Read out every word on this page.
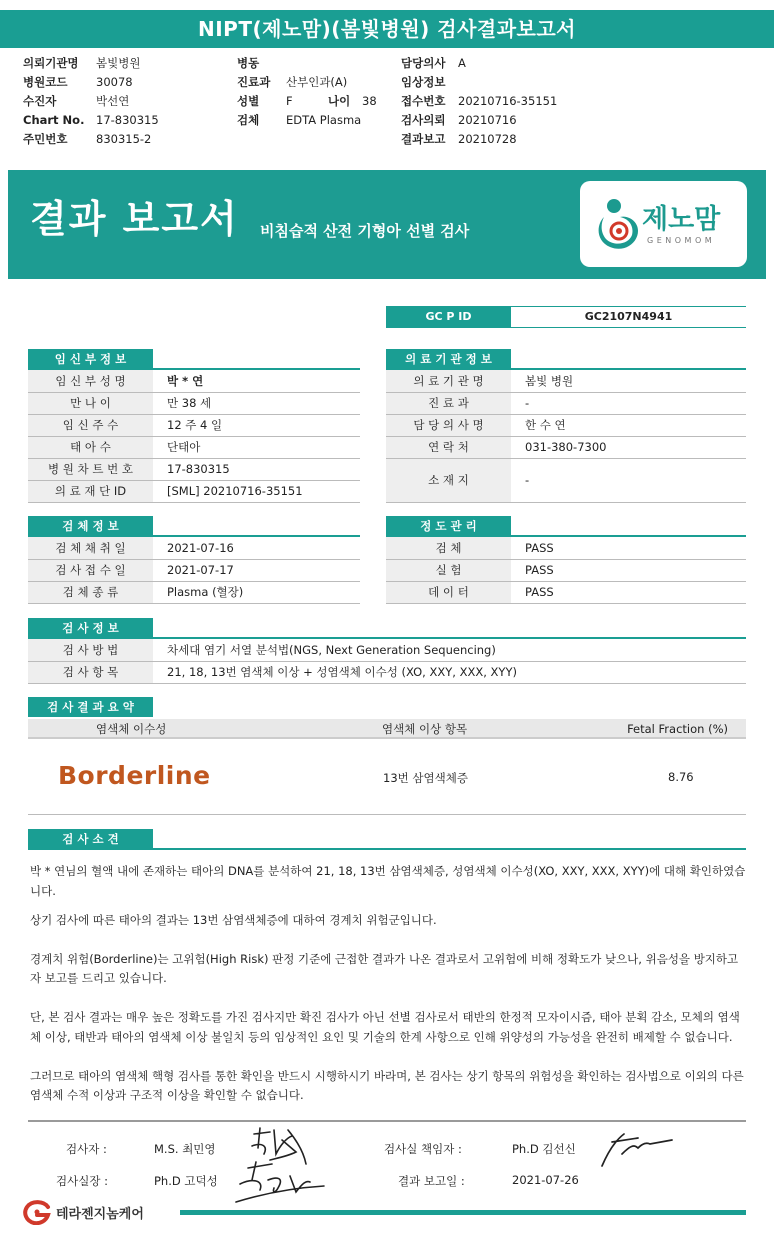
NIPT(제노맘)(봄빛병원) 검사결과보고서
의뢰기관명	봄빛병원
병원코드	30078
수진자	박선연
Chart No.	17-830315
주민번호	830315-2
병동
진료과	산부인과(A)
성별	F	나이	38
검체	EDTA Plasma
담당의사	A
임상정보
접수번호	20210716-35151
검사의뢰	20210716
결과보고	20210728
결과 보고서 비침습적 산전 기형아 선별 검사	제노맘
GENOMOM
GC P ID	GC2107N4941
임 신 부 정 보
임 신 부 성 명	박 * 연
만 나 이	만 38 세
임 신 주 수	12 주 4 일
태 아 수	단태아
병 원 차 트 번 호	17-830315
의 료 재 단 ID	[SML] 20210716-35151
의 료 기 관 정 보
의 료 기 관 명	봄빛 병원
진 료 과	-
담 당 의 사 명	한 수 연
연 락 처	031-380-7300
소 재 지	-
검 체 정 보
검 체 채 취 일	2021-07-16
검 사 접 수 일	2021-07-17
검 체 종 류	Plasma (혈장)
정 도 관 리
검 체	PASS
실 험	PASS
데 이 터	PASS
검 사 정 보
검 사 방 법	차세대 염기 서열 분석법(NGS, Next Generation Sequencing)
검 사 항 목	21, 18, 13번 염색체 이상 + 성염색체 이수성 (XO, XXY, XXX, XYY)
검 사 결 과 요 약
염색체 이수성	염색체 이상 항목	Fetal Fraction (%)
Borderline	13번 삼염색체증	8.76
검 사 소 견

박 * 연님의 혈액 내에 존재하는 태아의 DNA를 분석하여 21, 18, 13번 삼염색체증, 성염색체 이수성(XO, XXY, XXX, XYY)에 대해 확인하였습니다.

상기 검사에 따른 태아의 결과는 13번 삼염색체증에 대하여 경계치 위험군입니다.

경계치 위험(Borderline)는 고위험(High Risk) 판정 기준에 근접한 결과가 나온 결과로서 고위험에 비해 정확도가 낮으나, 위음성을 방지하고자 보고를 드리고 있습니다.

단, 본 검사 결과는 매우 높은 정확도를 가진 검사지만 확진 검사가 아닌 선별 검사로서 태반의 한정적 모자이시즘, 태아 분획 감소, 모체의 염색체 이상, 태반과 태아의 염색체 이상 불일치 등의 임상적인 요인 및 기술의 한계 사항으로 인해 위양성의 가능성을 완전히 배제할 수 없습니다.

그러므로 태아의 염색체 핵형 검사를 통한 확인을 반드시 시행하시기 바라며, 본 검사는 상기 항목의 위험성을 확인하는 검사법으로 이외의 다른 염색체 수적 이상과 구조적 이상을 확인할 수 없습니다.

검사자 :	M.S. 최민영	검사실 책임자 :	Ph.D 김선신
검사실장 :	Ph.D 고덕성	결과 보고일 :	2021-07-26
테라젠지놈케어
